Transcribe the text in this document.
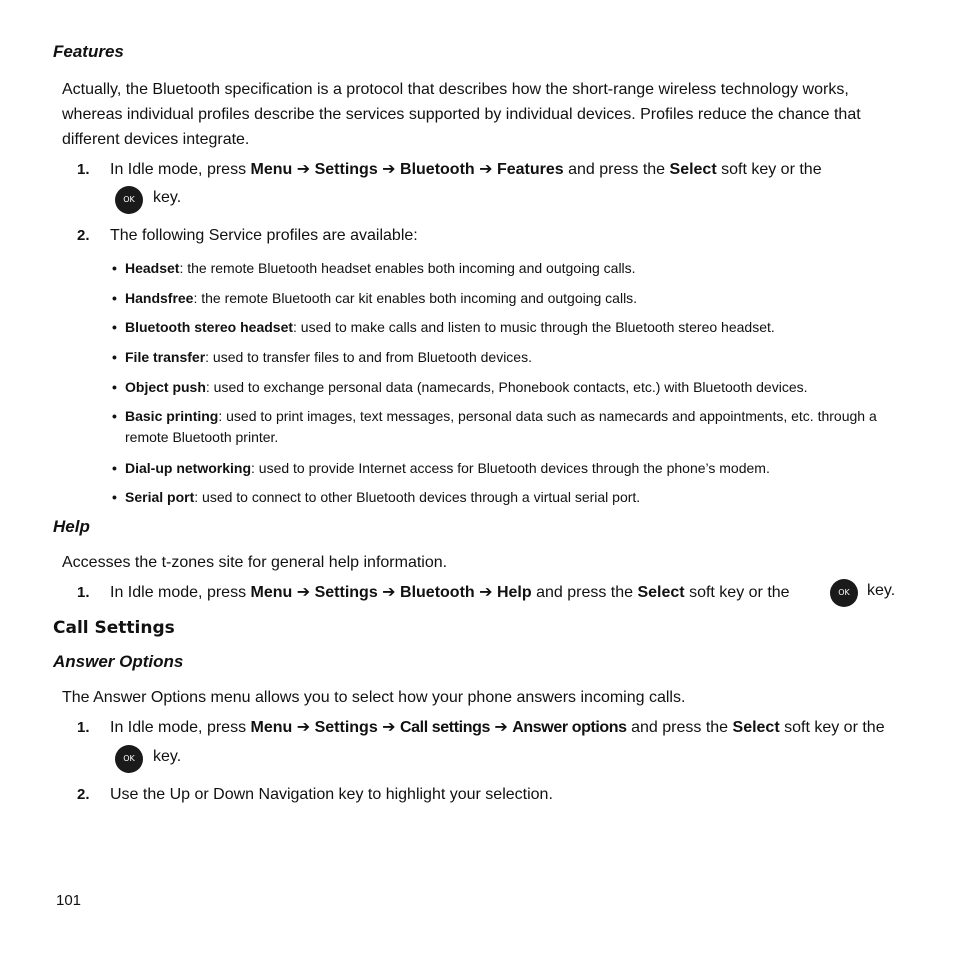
Features

Actually, the Bluetooth specification is a protocol that describes how the short-range wireless technology works, whereas individual profiles describe the services supported by individual devices. Profiles reduce the chance that different devices integrate.

1. In Idle mode, press Menu ➔ Settings ➔ Bluetooth ➔ Features and press the Select soft key or the

OK	key.
2. The following Service profiles are available:

• Headset: the remote Bluetooth headset enables both incoming and outgoing calls.
• Handsfree: the remote Bluetooth car kit enables both incoming and outgoing calls.
• Bluetooth stereo headset: used to make calls and listen to music through the Bluetooth stereo headset.
• File transfer: used to transfer files to and from Bluetooth devices.
• Object push: used to exchange personal data (namecards, Phonebook contacts, etc.) with Bluetooth devices.
• Basic printing: used to print images, text messages, personal data such as namecards and appointments, etc. through a remote Bluetooth printer.
• Dial-up networking: used to provide Internet access for Bluetooth devices through the phone’s modem.
• Serial port: used to connect to other Bluetooth devices through a virtual serial port.
Help

Accesses the t-zones site for general help information.

1. In Idle mode, press Menu ➔ Settings ➔ Bluetooth ➔ Help and press the Select soft key or the	OK	key.
Call Settings
Answer Options

The Answer Options menu allows you to select how your phone answers incoming calls.

1. In Idle mode, press Menu ➔ Settings ➔ Call settings ➔ Answer options and press the Select soft key or the

OK	key.
2. Use the Up or Down Navigation key to highlight your selection.

101
